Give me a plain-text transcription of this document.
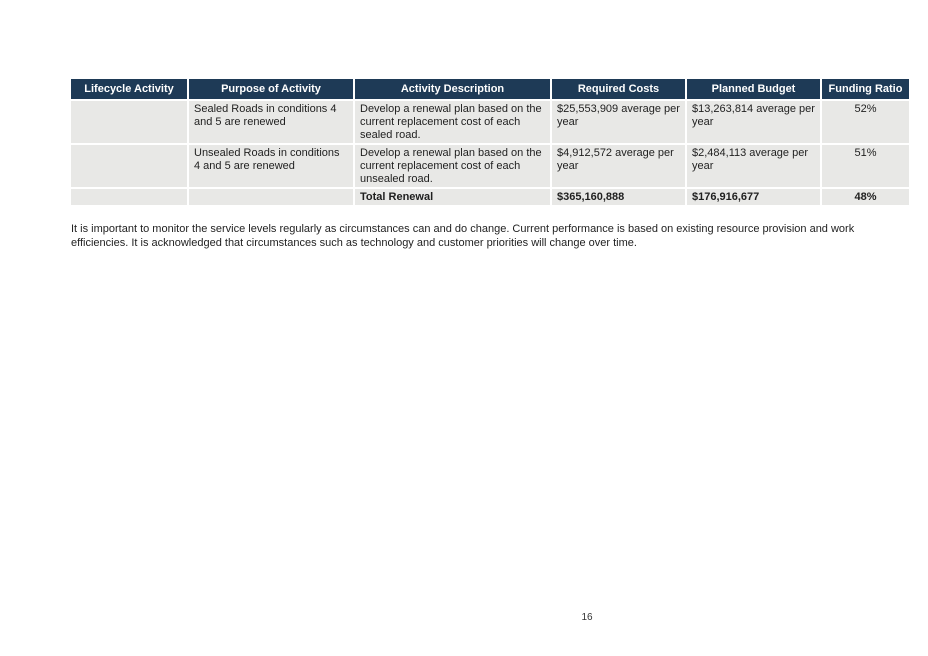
Lifecycle Activity	Purpose of Activity	Activity Description	Required Costs	Planned Budget	Funding Ratio
	Sealed Roads in conditions 4 and 5 are renewed	Develop a renewal plan based on the current replacement cost of each sealed road.	$25,553,909 average per year	$13,263,814 average per year	52%
	Unsealed Roads in conditions 4 and 5 are renewed	Develop a renewal plan based on the current replacement cost of each unsealed road.	$4,912,572 average per year	$2,484,113 average per year	51%
		Total Renewal	$365,160,888	$176,916,677	48%

It is important to monitor the service levels regularly as circumstances can and do change. Current performance is based on existing resource provision and work efficiencies. It is acknowledged that circumstances such as technology and customer priorities will change over time.

16
